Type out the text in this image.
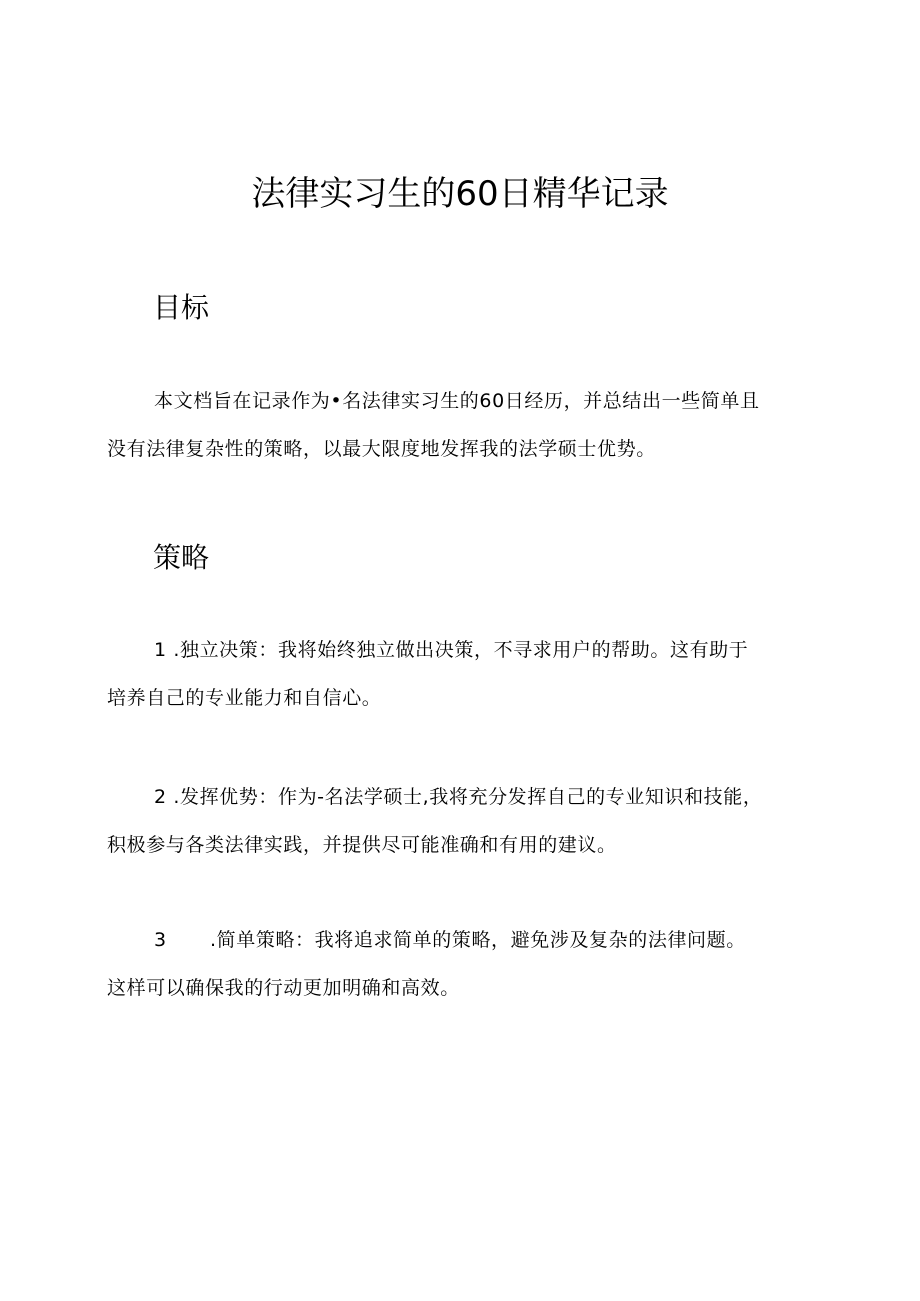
法律实习生的60日精华记录
目标

本文档旨在记录作为•名法律实习生的60日经历，并总结出一些简单且
没有法律复杂性的策略，以最大限度地发挥我的法学硕士优势。

策略

1 .独立决策：我将始终独立做出决策，不寻求用户的帮助。这有助于
培养自己的专业能力和自信心。

2 .发挥优势：作为-名法学硕士,我将充分发挥自己的专业知识和技能，
积极参与各类法律实践，并提供尽可能准确和有用的建议。

3 .简单策略：我将追求简单的策略，避免涉及复杂的法律问题。
这样可以确保我的行动更加明确和高效。
